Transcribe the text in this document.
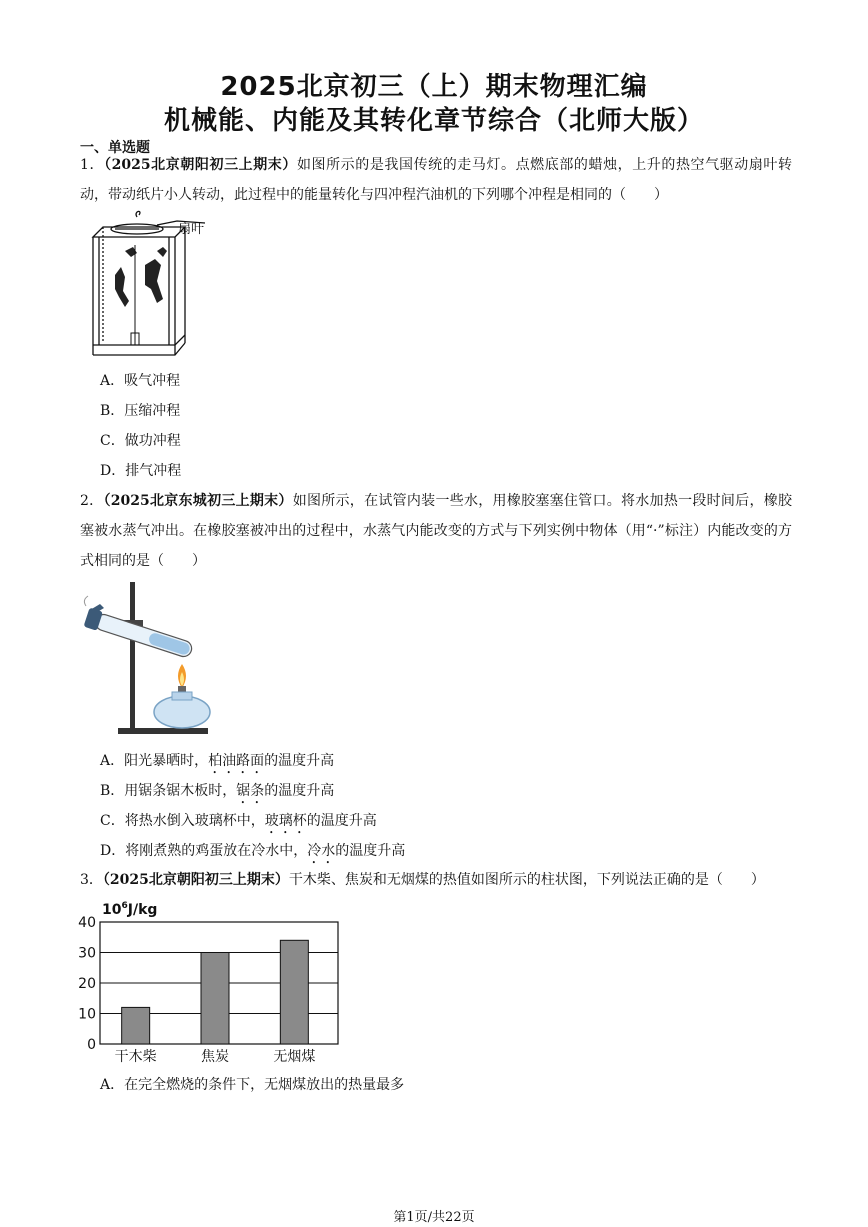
2025北京初三（上）期末物理汇编
机械能、内能及其转化章节综合（北师大版）
一、单选题
1．（2025北京朝阳初三上期末）如图所示的是我国传统的走马灯。点燃底部的蜡烛，上升的热空气驱动扇叶转动，带动纸片小人转动，此过程中的能量转化与四冲程汽油机的下列哪个冲程是相同的（　　）
扇叶
A．吸气冲程
B．压缩冲程
C．做功冲程
D．排气冲程
2．（2025北京东城初三上期末）如图所示，在试管内装一些水，用橡胶塞塞住管口。将水加热一段时间后，橡胶塞被水蒸气冲出。在橡胶塞被冲出的过程中，水蒸气内能改变的方式与下列实例中物体（用“·”标注）内能改变的方式相同的是（　　）
A．阳光暴晒时，柏油路面的温度升高
B．用锯条锯木板时，锯条的温度升高
C．将热水倒入玻璃杯中，玻璃杯的温度升高
D．将刚煮熟的鸡蛋放在冷水中，冷水的温度升高
3．（2025北京朝阳初三上期末）干木柴、焦炭和无烟煤的热值如图所示的柱状图，下列说法正确的是（　　）
$10^6J/kg$
0
10
20
30
40
干木柴	焦炭	无烟煤
A．在完全燃烧的条件下，无烟煤放出的热量最多
第1页/共22页
